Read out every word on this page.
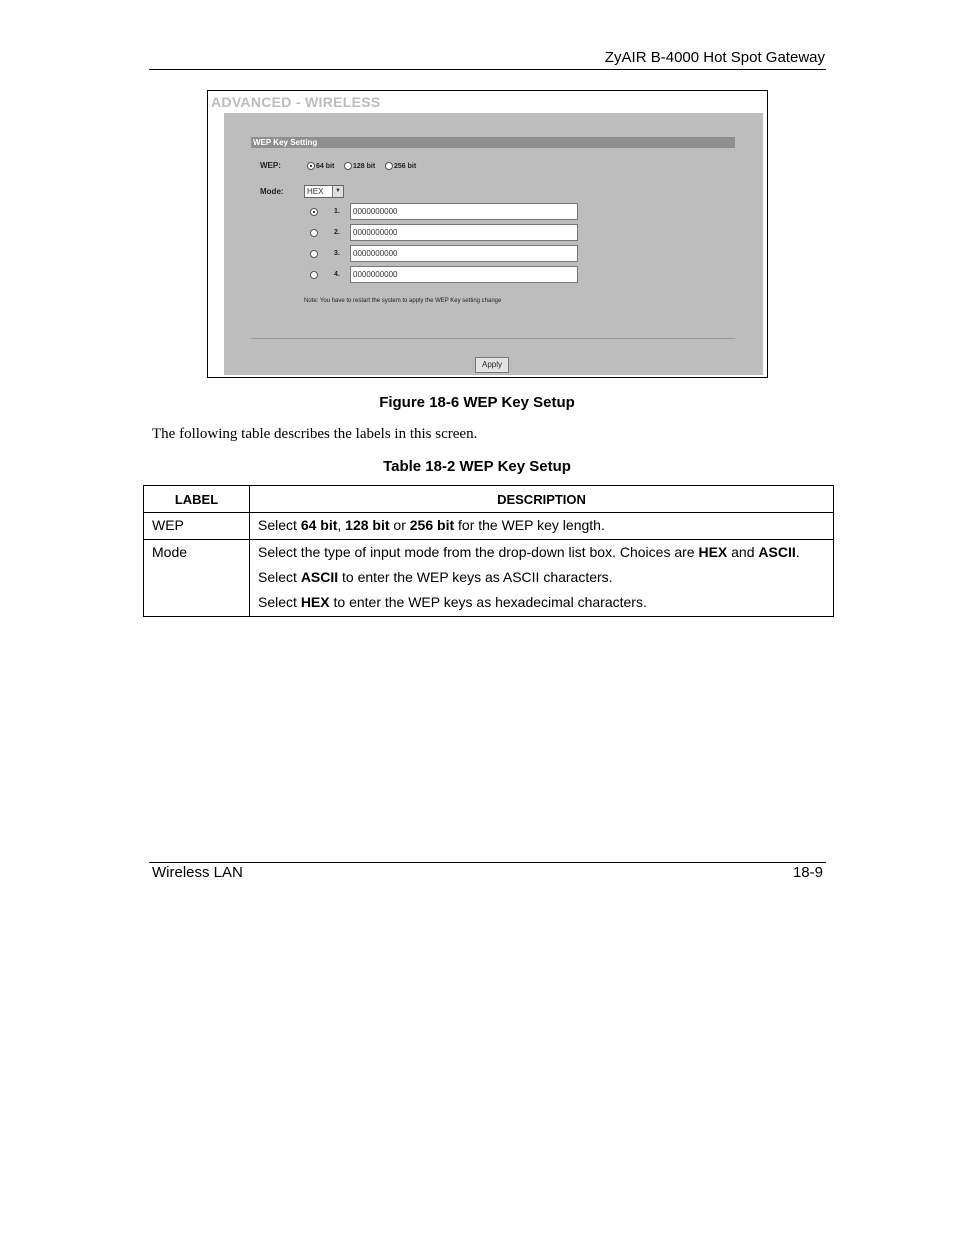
ZyAIR B-4000 Hot Spot Gateway
ADVANCED - WIRELESS
WEP Key Setting
WEP:	64 bit	128 bit	256 bit
Mode:	HEX	▼
1.	0000000000
2.	0000000000
3.	0000000000
4.	0000000000
Note: You have to restart the system to apply the WEP Key setting change
Apply
Figure 18-6 WEP Key Setup
The following table describes the labels in this screen.
Table 18-2 WEP Key Setup
LABEL	DESCRIPTION
WEP	Select 64 bit, 128 bit or 256 bit for the WEP key length.

Mode	Select the type of input mode from the drop-down list box. Choices are HEX and ASCII.

Select ASCII to enter the WEP keys as ASCII characters.

Select HEX to enter the WEP keys as hexadecimal characters.

Wireless LAN	18-9
